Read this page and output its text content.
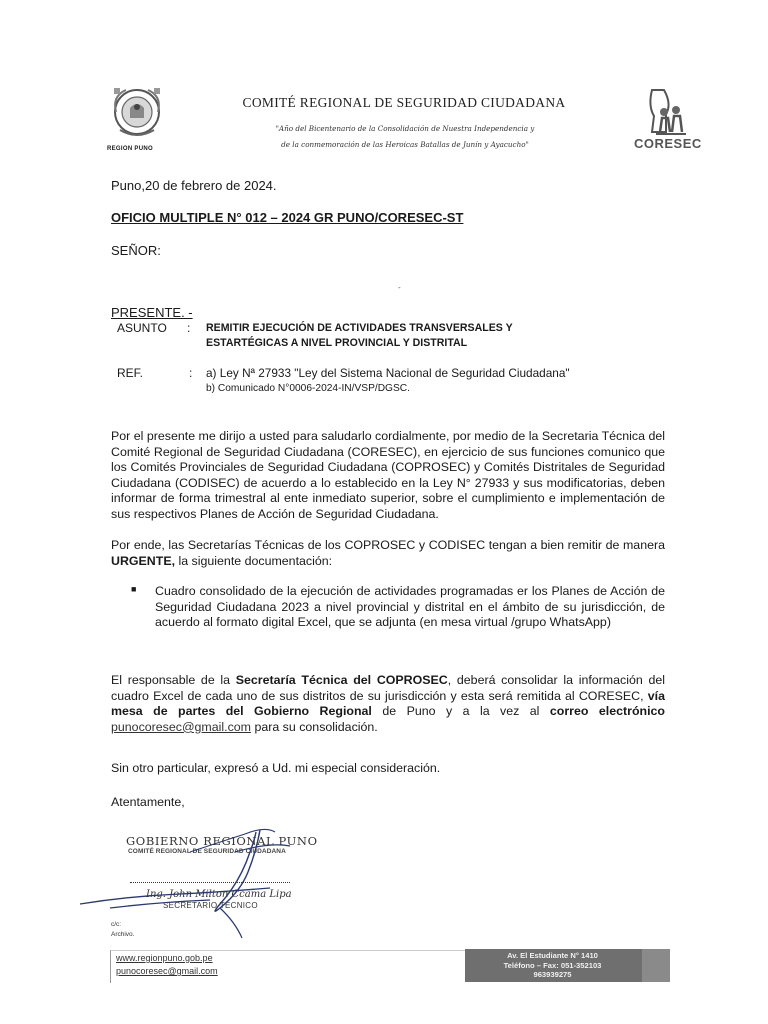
REGION PUNO
COMITÉ REGIONAL DE SEGURIDAD CIUDADANA
"Año del Bicentenario de la Consolidación de Nuestra Independencia y
de la conmemoración de las Heroicas Batallas de Junín y Ayacucho"	CORESEC
Puno,20 de febrero de 2024.
OFICIO MULTIPLE N° 012 – 2024 GR PUNO/CORESEC-ST
SEÑOR:
-
PRESENTE. -
ASUNTO : REMITIR EJECUCIÓN DE ACTIVIDADES TRANSVERSALES Y
ESTARTÉGICAS A NIVEL PROVINCIAL Y DISTRITAL
REF.	: a) Ley Nª 27933 "Ley del Sistema Nacional de Seguridad Ciudadana"
b) Comunicado N°0006-2024-IN/VSP/DGSC.

Por el presente me dirijo a usted para saludarlo cordialmente, por medio de la Secretaria Técnica del Comité Regional de Seguridad Ciudadana (CORESEC), en ejercicio de sus funciones comunico que los Comités Provinciales de Seguridad Ciudadana (COPROSEC) y Comités Distritales de Seguridad Ciudadana (CODISEC) de acuerdo a lo establecido en la Ley N° 27933 y sus modificatorias, deben informar de forma trimestral al ente inmediato superior, sobre el cumplimiento e implementación de sus respectivos Planes de Acción de Seguridad Ciudadana.

Por ende, las Secretarías Técnicas de los COPROSEC y CODISEC tengan a bien remitir de manera URGENTE, la siguiente documentación:

■ Cuadro consolidado de la ejecución de actividades programadas er los Planes de Acción de Seguridad Ciudadana 2023 a nivel provincial y distrital en el ámbito de su jurisdicción, de acuerdo al formato digital Excel, que se adjunta (en mesa virtual /grupo WhatsApp)

El responsable de la Secretaría Técnica del COPROSEC, deberá consolidar la información del cuadro Excel de cada uno de sus distritos de su jurisdicción y esta será remitida al CORESEC, vía mesa de partes del Gobierno Regional de Puno y a la vez al correo electrónico punocoresec@gmail.com para su consolidación.

Sin otro particular, expresó a Ud. mi especial consideración.
Atentamente,
GOBIERNO REGIONAL PUNO
COMITÉ REGIONAL DE SEGURIDAD CIUDADANA
Ing. John Milton Ccama Lipa
SECRETARIO TÉCNICO
c/c:
Archivo.
www.regionpuno.gob.pe
punocoresec@gmail.com
Av. El Estudiante N° 1410
Teléfono – Fax: 051-352103
963939275
